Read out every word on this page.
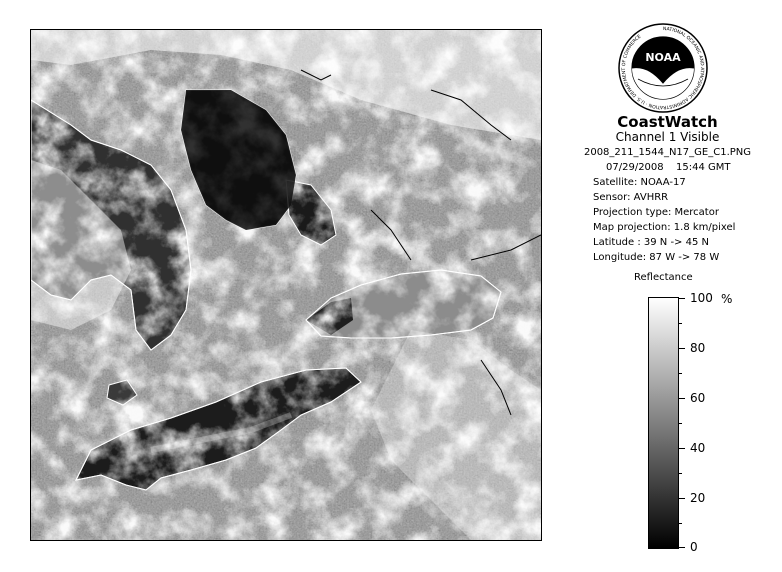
NOAA
NATIONAL OCEANIC AND ATMOSPHERIC ADMINISTRATION · U.S. DEPARTMENT OF COMMERCE
CoastWatch
Channel 1 Visible
2008_211_1544_N17_GE_C1.PNG
07/29/2008 15:44 GMT
Satellite: NOAA-17
Sensor: AVHRR
Projection type: Mercator
Map projection: 1.8 km/pixel
Latitude : 39 N -> 45 N
Longitude: 87 W -> 78 W
Reflectance
%
100
80
60
40
20
0
